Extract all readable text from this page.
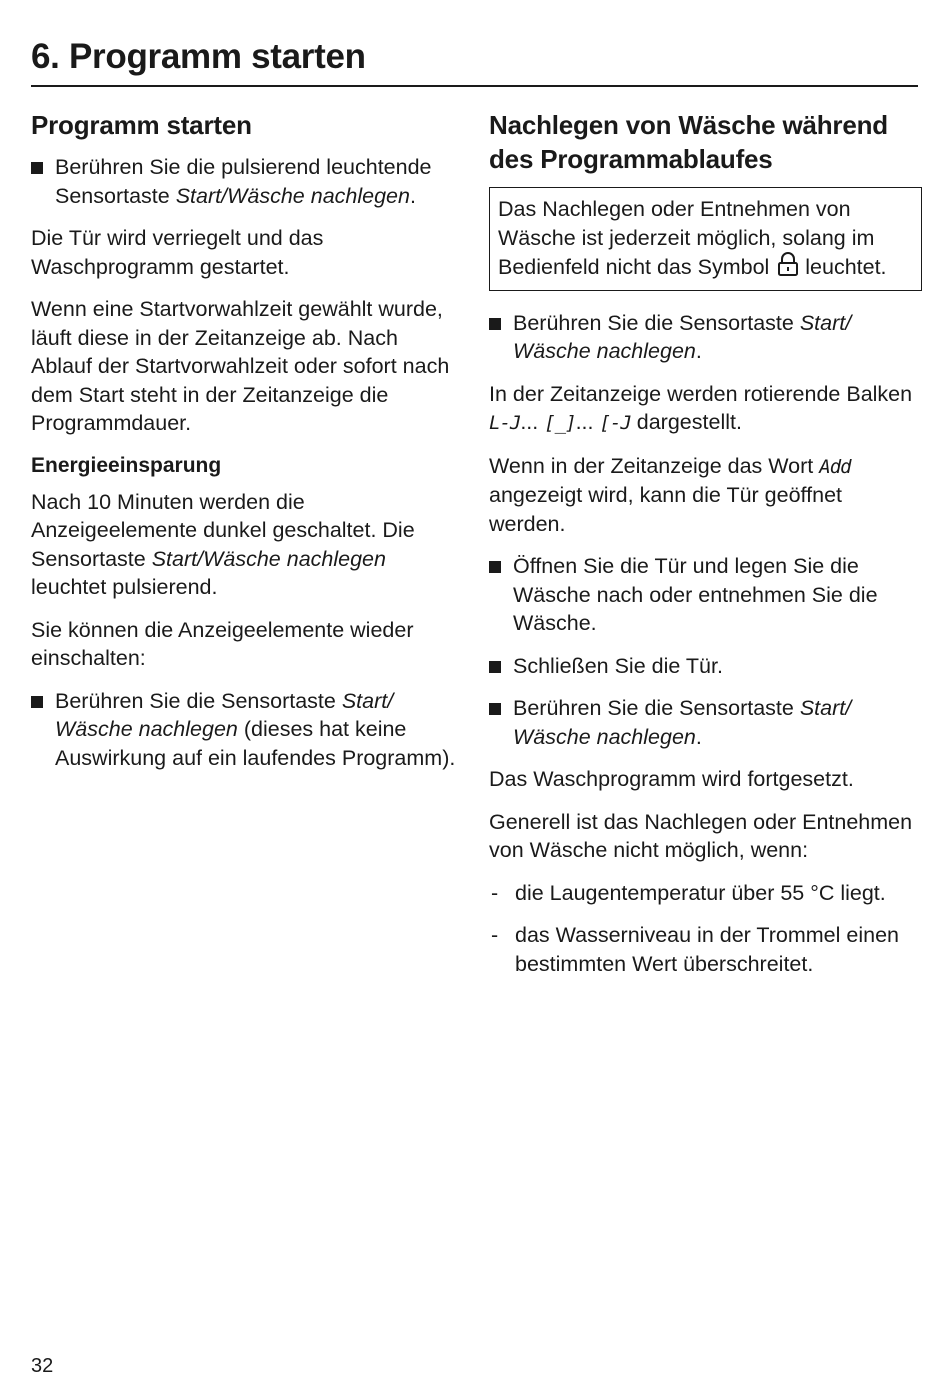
6. Programm starten
Programm starten
Berühren Sie die pulsierend leuchtende Sensortaste Start/Wäsche nachlegen.

Die Tür wird verriegelt und das Waschprogramm gestartet.

Wenn eine Startvorwahlzeit gewählt wurde, läuft diese in der Zeitanzeige ab. Nach Ablauf der Startvorwahlzeit oder sofort nach dem Start steht in der Zeitanzeige die Programmdauer.

Energieeinsparung

Nach 10 Minuten werden die Anzeigeelemente dunkel geschaltet. Die Sensortaste Start/Wäsche nachlegen leuchtet pulsierend.

Sie können die Anzeigeelemente wieder einschalten:

Berühren Sie die Sensortaste Start/ Wäsche nachlegen (dieses hat keine Auswirkung auf ein laufendes Programm).
Nachlegen von Wäsche während des Programmablaufes

Das Nachlegen oder Entnehmen von Wäsche ist jederzeit möglich, solang im Bedienfeld nicht das Symbol  leuchtet.

Berühren Sie die Sensortaste Start/ Wäsche nachlegen.

In der Zeitanzeige werden rotierende Balken L-J... [_]... [-J dargestellt.

Wenn in der Zeitanzeige das Wort Add angezeigt wird, kann die Tür geöffnet werden.

Öffnen Sie die Tür und legen Sie die Wäsche nach oder entnehmen Sie die Wäsche.
Schließen Sie die Tür.
Berühren Sie die Sensortaste Start/ Wäsche nachlegen.

Das Waschprogramm wird fortgesetzt.

Generell ist das Nachlegen oder Entnehmen von Wäsche nicht möglich, wenn:

- die Laugentemperatur über 55 °C liegt.
- das Wasserniveau in der Trommel einen bestimmten Wert überschreitet.
32
